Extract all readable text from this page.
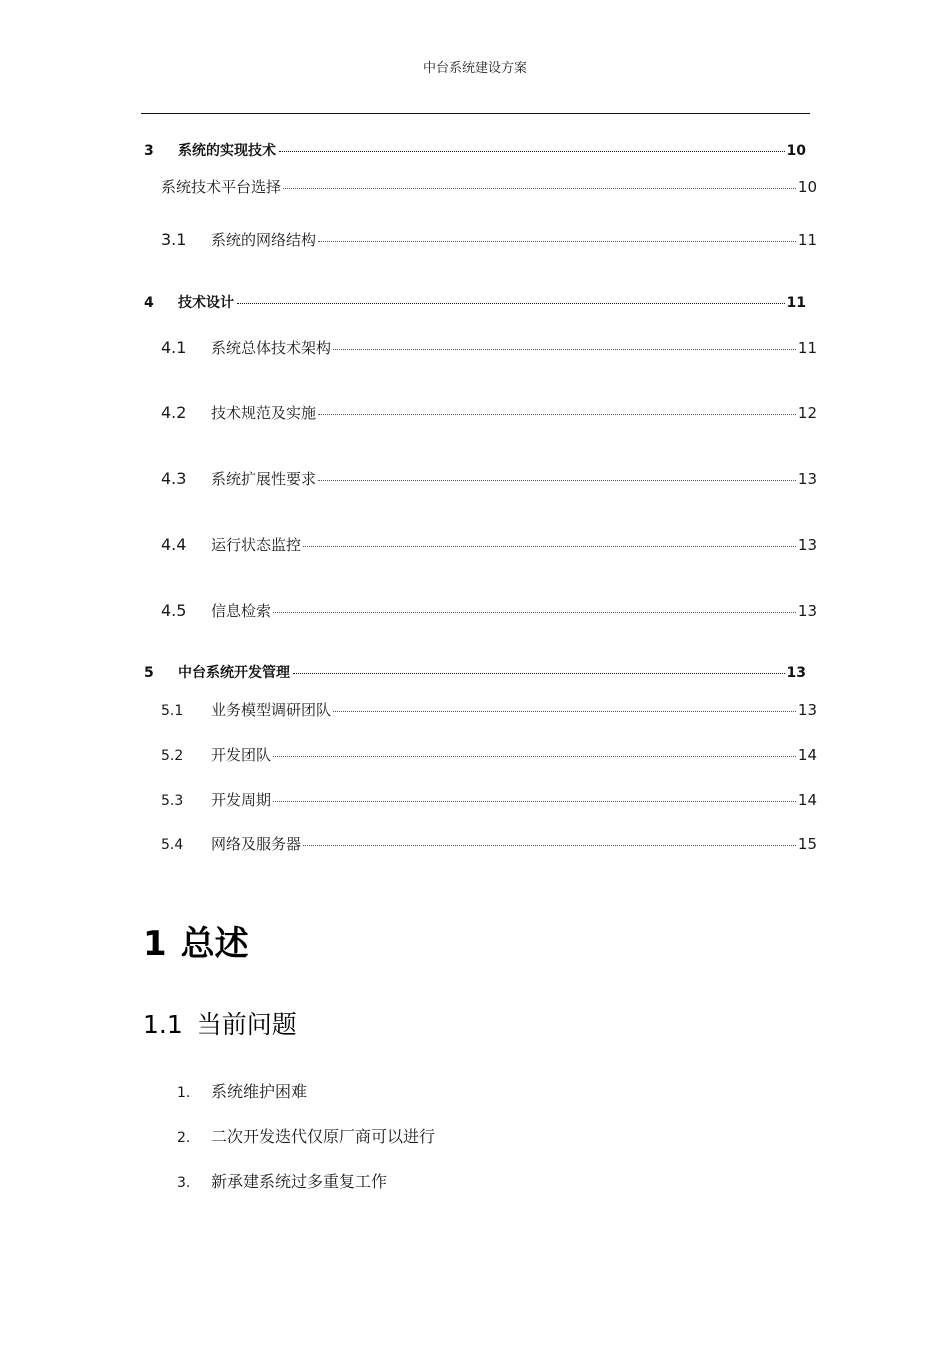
中台系统建设方案
3	系统的实现技术	10
系统技术平台选择	10
3.1	系统的网络结构	11
4	技术设计	11
4.1	系统总体技术架构	11
4.2	技术规范及实施	12
4.3	系统扩展性要求	13
4.4	运行状态监控	13
4.5	信息检索	13
5	中台系统开发管理	13
5.1	业务模型调研团队	13
5.2	开发团队	14
5.3	开发周期	14
5.4	网络及服务器	15
1 总述
1.1 当前问题
1. 系统维护困难
2. 二次开发迭代仅原厂商可以进行
3. 新承建系统过多重复工作
